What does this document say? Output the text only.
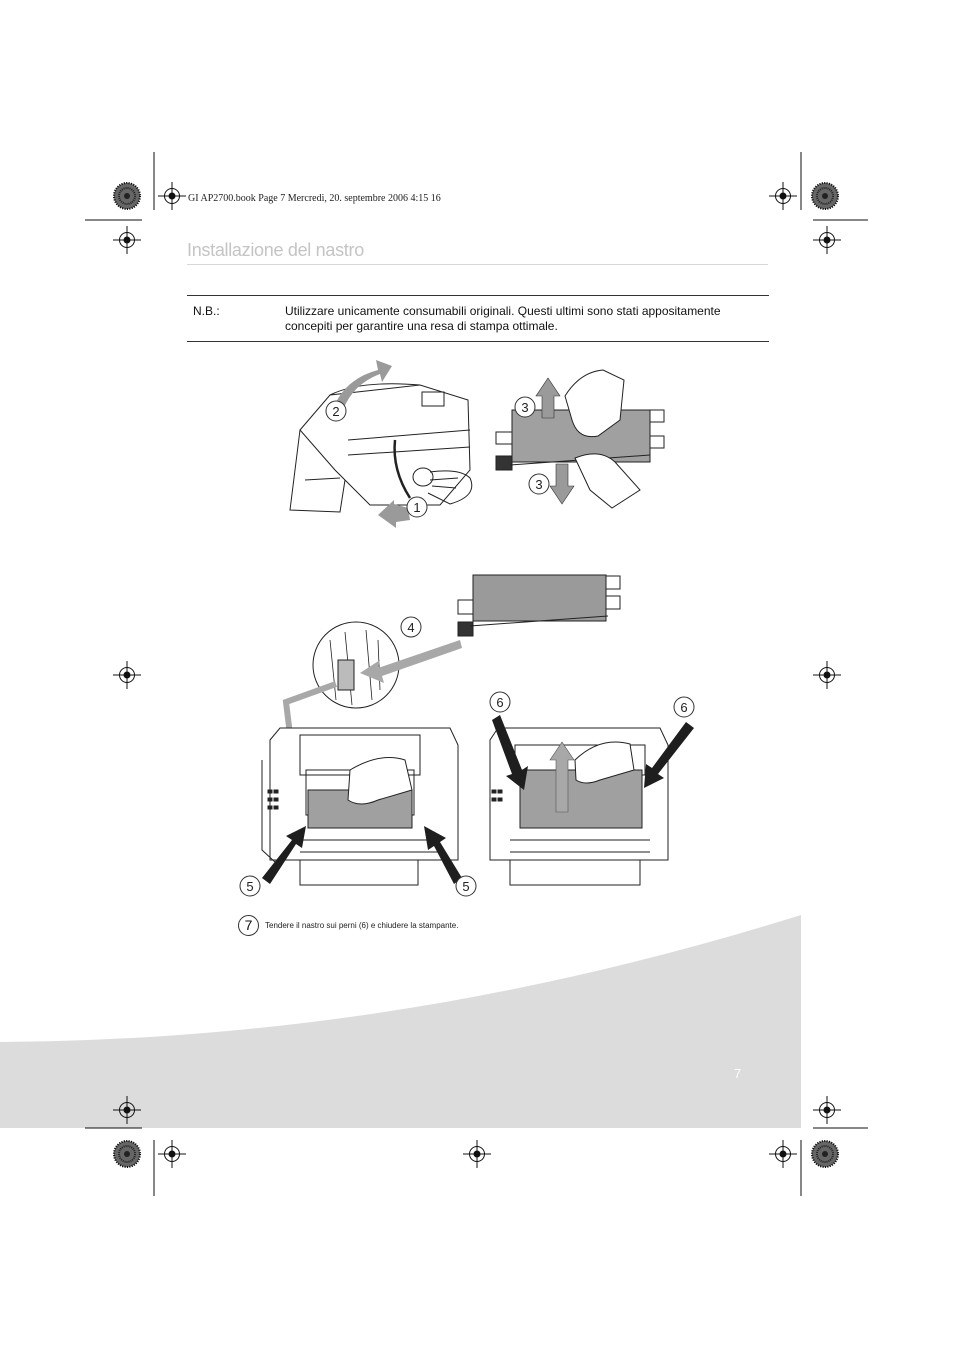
2
1
3
3
4
6	6
5	5
GI AP2700.book Page 7 Mercredi, 20. septembre 2006 4:15 16
Installazione del nastro
N.B.:	Utilizzare unicamente consumabili originali. Questi ultimi sono stati appositamente concepiti per garantire una resa di stampa ottimale.
7	Tendere il nastro sui perni (6) e chiudere la stampante.
7
